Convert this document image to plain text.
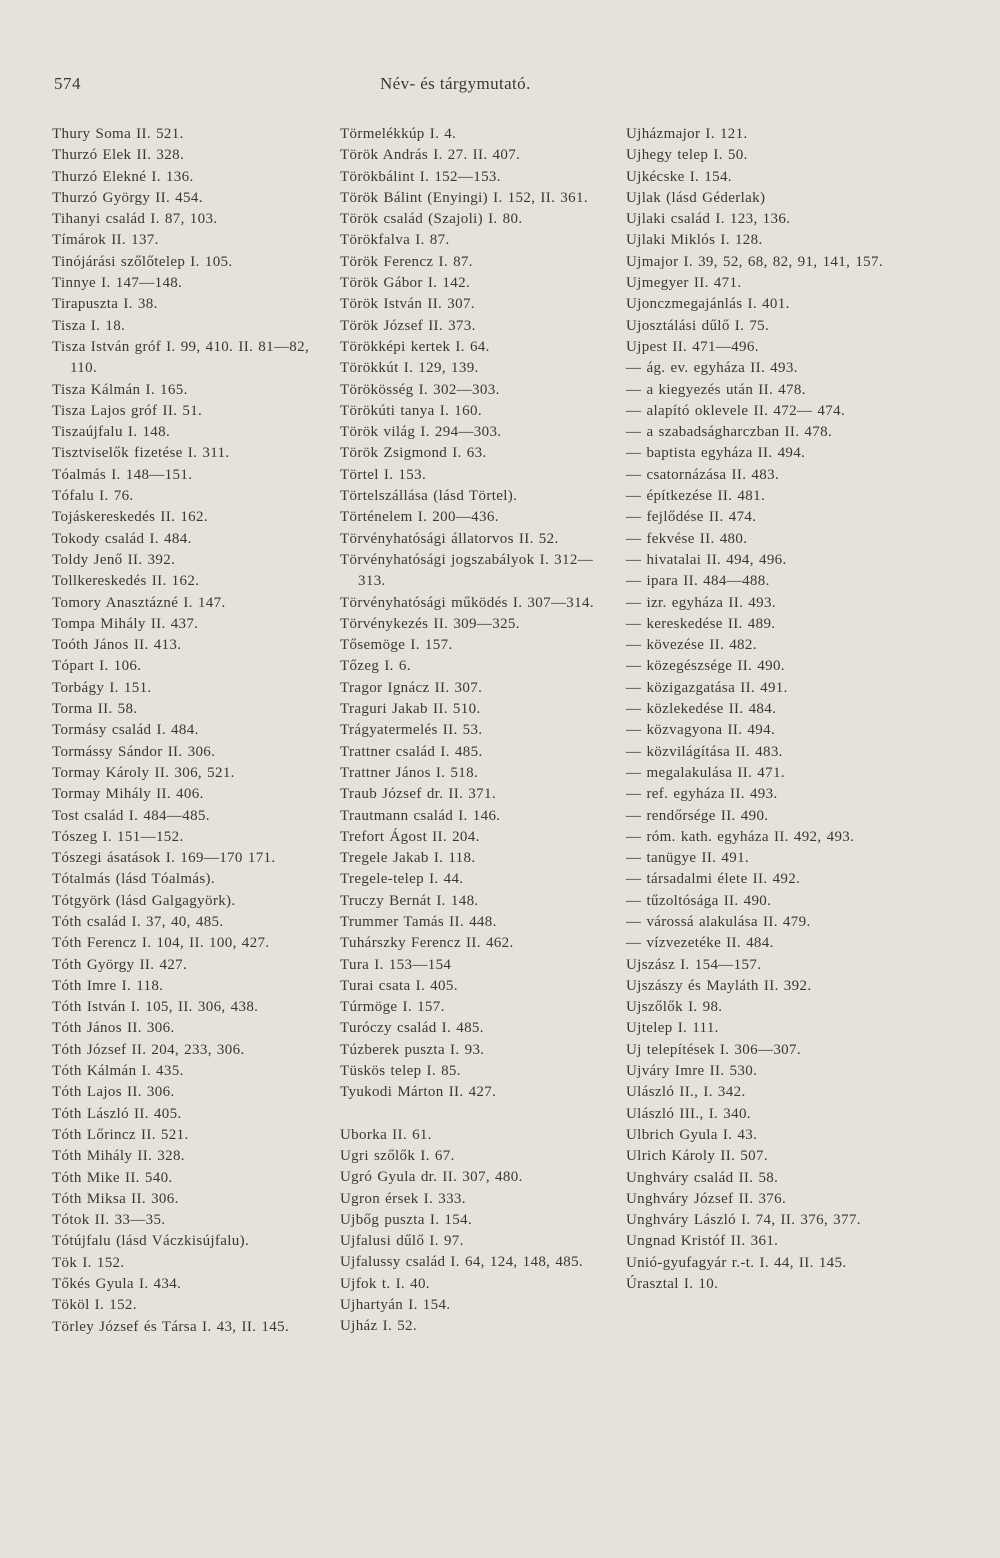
574	Név- és tárgymutató.

Thury Soma II. 521.

Thurzó Elek II. 328.

Thurzó Elekné I. 136.

Thurzó György II. 454.

Tihanyi család I. 87, 103.

Tímárok II. 137.

Tinójárási szőlőtelep I. 105.

Tinnye I. 147—148.

Tirapuszta I. 38.

Tisza I. 18.

Tisza István gróf I. 99, 410. II. 81—82, 110.

Tisza Kálmán I. 165.

Tisza Lajos gróf II. 51.

Tiszaújfalu I. 148.

Tisztviselők fizetése I. 311.

Tóalmás I. 148—151.

Tófalu I. 76.

Tojáskereskedés II. 162.

Tokody család I. 484.

Toldy Jenő II. 392.

Tollkereskedés II. 162.

Tomory Anasztázné I. 147.

Tompa Mihály II. 437.

Toóth János II. 413.

Tópart I. 106.

Torbágy I. 151.

Torma II. 58.

Tormásy család I. 484.

Tormássy Sándor II. 306.

Tormay Károly II. 306, 521.

Tormay Mihály II. 406.

Tost család I. 484—485.

Tószeg I. 151—152.

Tószegi ásatások I. 169—170 171.

Tótalmás (lásd Tóalmás).

Tótgyörk (lásd Galgagyörk).

Tóth család I. 37, 40, 485.

Tóth Ferencz I. 104, II. 100, 427.

Tóth György II. 427.

Tóth Imre I. 118.

Tóth István I. 105, II. 306, 438.

Tóth János II. 306.

Tóth József II. 204, 233, 306.

Tóth Kálmán I. 435.

Tóth Lajos II. 306.

Tóth László II. 405.

Tóth Lőrincz II. 521.

Tóth Mihály II. 328.

Tóth Mike II. 540.

Tóth Miksa II. 306.

Tótok II. 33—35.

Tótújfalu (lásd Váczkisújfalu).

Tök I. 152.

Tőkés Gyula I. 434.

Tököl I. 152.

Törley József és Társa I. 43, II. 145.

Törmelékkúp I. 4.

Török András I. 27. II. 407.

Törökbálint I. 152—153.

Török Bálint (Enyingi) I. 152, II. 361.

Török család (Szajoli) I. 80.

Törökfalva I. 87.

Török Ferencz I. 87.

Török Gábor I. 142.

Török István II. 307.

Török József II. 373.

Törökképi kertek I. 64.

Törökkút I. 129, 139.

Törökösség I. 302—303.

Törökúti tanya I. 160.

Török világ I. 294—303.

Török Zsigmond I. 63.

Törtel I. 153.

Törtelszállása (lásd Törtel).

Történelem I. 200—436.

Törvényhatósági állatorvos II. 52.

Törvényhatósági jogszabályok I. 312—313.

Törvényhatósági működés I. 307—314.

Törvénykezés II. 309—325.

Tősemöge I. 157.

Tőzeg I. 6.

Tragor Ignácz II. 307.

Traguri Jakab II. 510.

Trágyatermelés II. 53.

Trattner család I. 485.

Trattner János I. 518.

Traub József dr. II. 371.

Trautmann család I. 146.

Trefort Ágost II. 204.

Tregele Jakab I. 118.

Tregele-telep I. 44.

Truczy Bernát I. 148.

Trummer Tamás II. 448.

Tuhárszky Ferencz II. 462.

Tura I. 153—154

Turai csata I. 405.

Túrmöge I. 157.

Turóczy család I. 485.

Túzberek puszta I. 93.

Tüskös telep I. 85.

Tyukodi Márton II. 427.

Uborka II. 61.

Ugri szőlők I. 67.

Ugró Gyula dr. II. 307, 480.

Ugron érsek I. 333.

Ujbőg puszta I. 154.

Ujfalusi dűlő I. 97.

Ujfalussy család I. 64, 124, 148, 485.

Ujfok t. I. 40.

Ujhartyán I. 154.

Ujház I. 52.

Ujházmajor I. 121.

Ujhegy telep I. 50.

Ujkécske I. 154.

Ujlak (lásd Géderlak)

Ujlaki család I. 123, 136.

Ujlaki Miklós I. 128.

Ujmajor I. 39, 52, 68, 82, 91, 141, 157.

Ujmegyer II. 471.

Ujonczmegajánlás I. 401.

Ujosztálási dűlő I. 75.

Ujpest II. 471—496.

— ág. ev. egyháza II. 493.

— a kiegyezés után II. 478.

— alapító oklevele II. 472— 474.

— a szabadságharczban II. 478.

— baptista egyháza II. 494.

— csatornázása II. 483.

— építkezése II. 481.

— fejlődése II. 474.

— fekvése II. 480.

— hivatalai II. 494, 496.

— ipara II. 484—488.

— izr. egyháza II. 493.

— kereskedése II. 489.

— kövezése II. 482.

— közegészsége II. 490.

— közigazgatása II. 491.

— közlekedése II. 484.

— közvagyona II. 494.

— közvilágítása II. 483.

— megalakulása II. 471.

— ref. egyháza II. 493.

— rendőrsége II. 490.

— róm. kath. egyháza II. 492, 493.

— tanügye II. 491.

— társadalmi élete II. 492.

— tűzoltósága II. 490.

— várossá alakulása II. 479.

— vízvezetéke II. 484.

Ujszász I. 154—157.

Ujszászy és Mayláth II. 392.

Ujszőlők I. 98.

Ujtelep I. 111.

Uj telepítések I. 306—307.

Ujváry Imre II. 530.

Ulászló II., I. 342.

Ulászló III., I. 340.

Ulbrich Gyula I. 43.

Ulrich Károly II. 507.

Unghváry család II. 58.

Unghváry József II. 376.

Unghváry László I. 74, II. 376, 377.

Ungnad Kristóf II. 361.

Unió-gyufagyár r.-t. I. 44, II. 145.

Úrasztal I. 10.
